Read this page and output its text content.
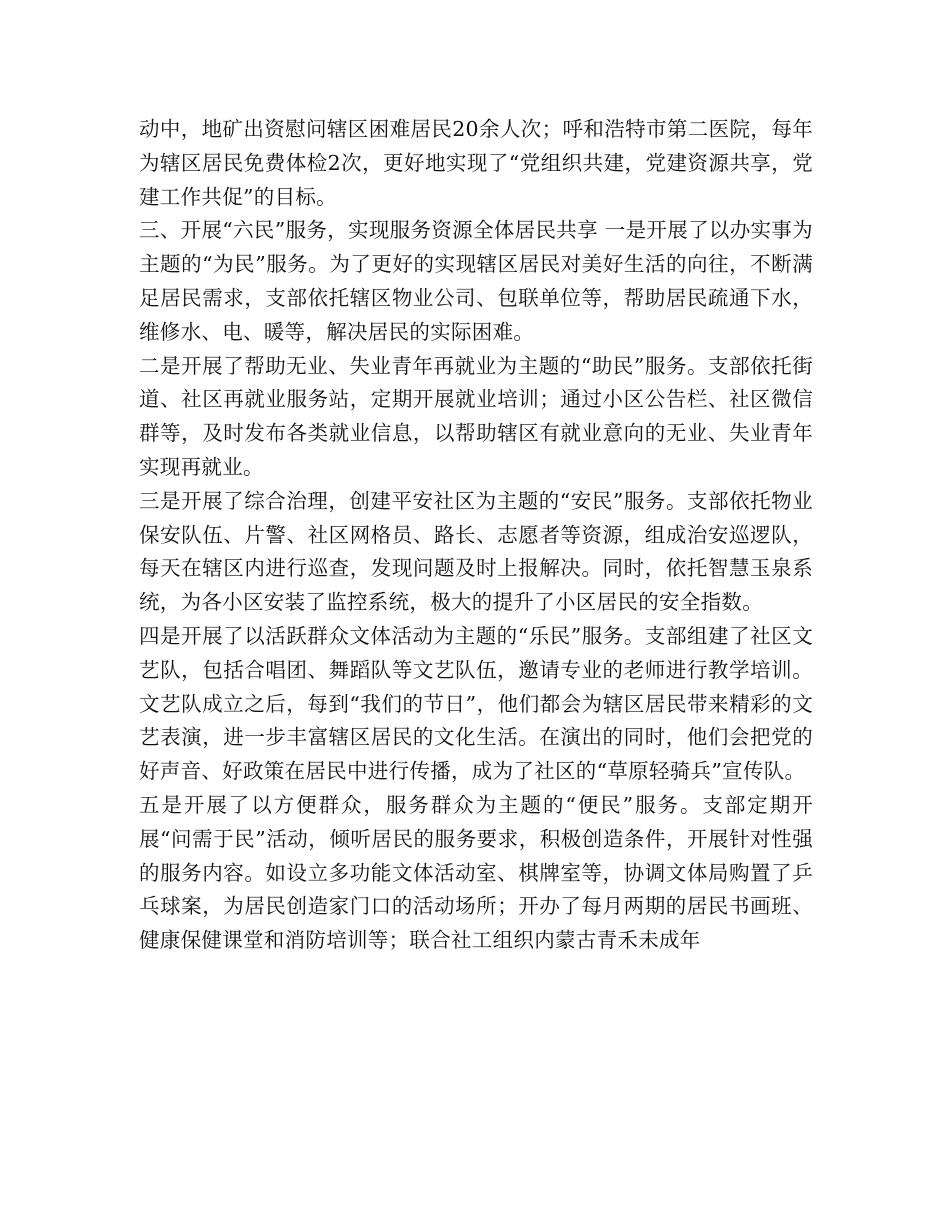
动中，地矿出资慰问辖区困难居民20余人次；呼和浩特市第二医院，每年为辖区居民免费体检2次，更好地实现了“党组织共建，党建资源共享，党建工作共促”的目标。

三、开展“六民”服务，实现服务资源全体居民共享 一是开展了以办实事为主题的“为民”服务。为了更好的实现辖区居民对美好生活的向往，不断满足居民需求，支部依托辖区物业公司、包联单位等，帮助居民疏通下水，维修水、电、暖等，解决居民的实际困难。

二是开展了帮助无业、失业青年再就业为主题的“助民”服务。支部依托街道、社区再就业服务站，定期开展就业培训；通过小区公告栏、社区微信群等，及时发布各类就业信息，以帮助辖区有就业意向的无业、失业青年实现再就业。

三是开展了综合治理，创建平安社区为主题的“安民”服务。支部依托物业保安队伍、片警、社区网格员、路长、志愿者等资源，组成治安巡逻队，每天在辖区内进行巡查，发现问题及时上报解决。同时，依托智慧玉泉系统，为各小区安装了监控系统，极大的提升了小区居民的安全指数。

四是开展了以活跃群众文体活动为主题的“乐民”服务。支部组建了社区文艺队，包括合唱团、舞蹈队等文艺队伍，邀请专业的老师进行教学培训。文艺队成立之后，每到“我们的节日”，他们都会为辖区居民带来精彩的文艺表演，进一步丰富辖区居民的文化生活。在演出的同时，他们会把党的好声音、好政策在居民中进行传播，成为了社区的“草原轻骑兵”宣传队。

五是开展了以方便群众，服务群众为主题的“便民”服务。支部定期开展“问需于民”活动，倾听居民的服务要求，积极创造条件，开展针对性强的服务内容。如设立多功能文体活动室、棋牌室等，协调文体局购置了乒乓球案，为居民创造家门口的活动场所；开办了每月两期的居民书画班、健康保健课堂和消防培训等；联合社工组织内蒙古青禾未成年
